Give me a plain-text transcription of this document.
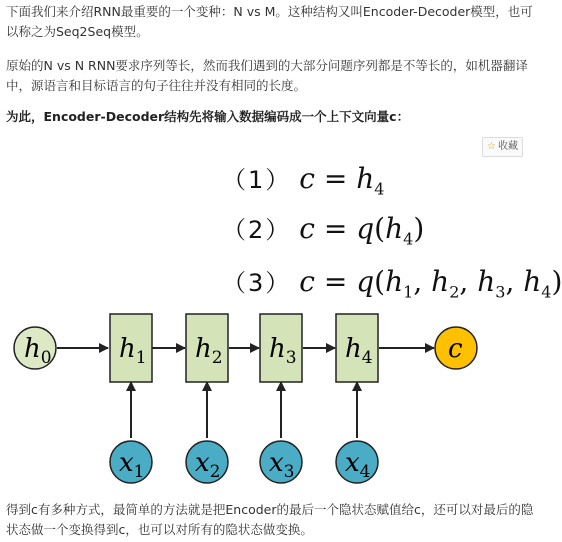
下面我们来介绍RNN最重要的一个变种：N vs M。这种结构又叫Encoder-Decoder模型，也可以称之为Seq2Seq模型。

原始的N vs N RNN要求序列等长，然而我们遇到的大部分问题序列都是不等长的，如机器翻译中，源语言和目标语言的句子往往并没有相同的长度。

为此，Encoder-Decoder结构先将输入数据编码成一个上下文向量c：

☆ 收藏
（1） $c = h_4$
（2） $c = q(h_4)$
（3） $c = q(h_1$, $h_2$, $h_3$, $h_4$)
$h_0$	$h_1$ $h_2$ $h_3$ $h_4$	c
$x_1$ $x_2$ $x_3$ $x_4$

得到c有多种方式，最简单的方法就是把Encoder的最后一个隐状态赋值给c，还可以对最后的隐状态做一个变换得到c，也可以对所有的隐状态做变换。
